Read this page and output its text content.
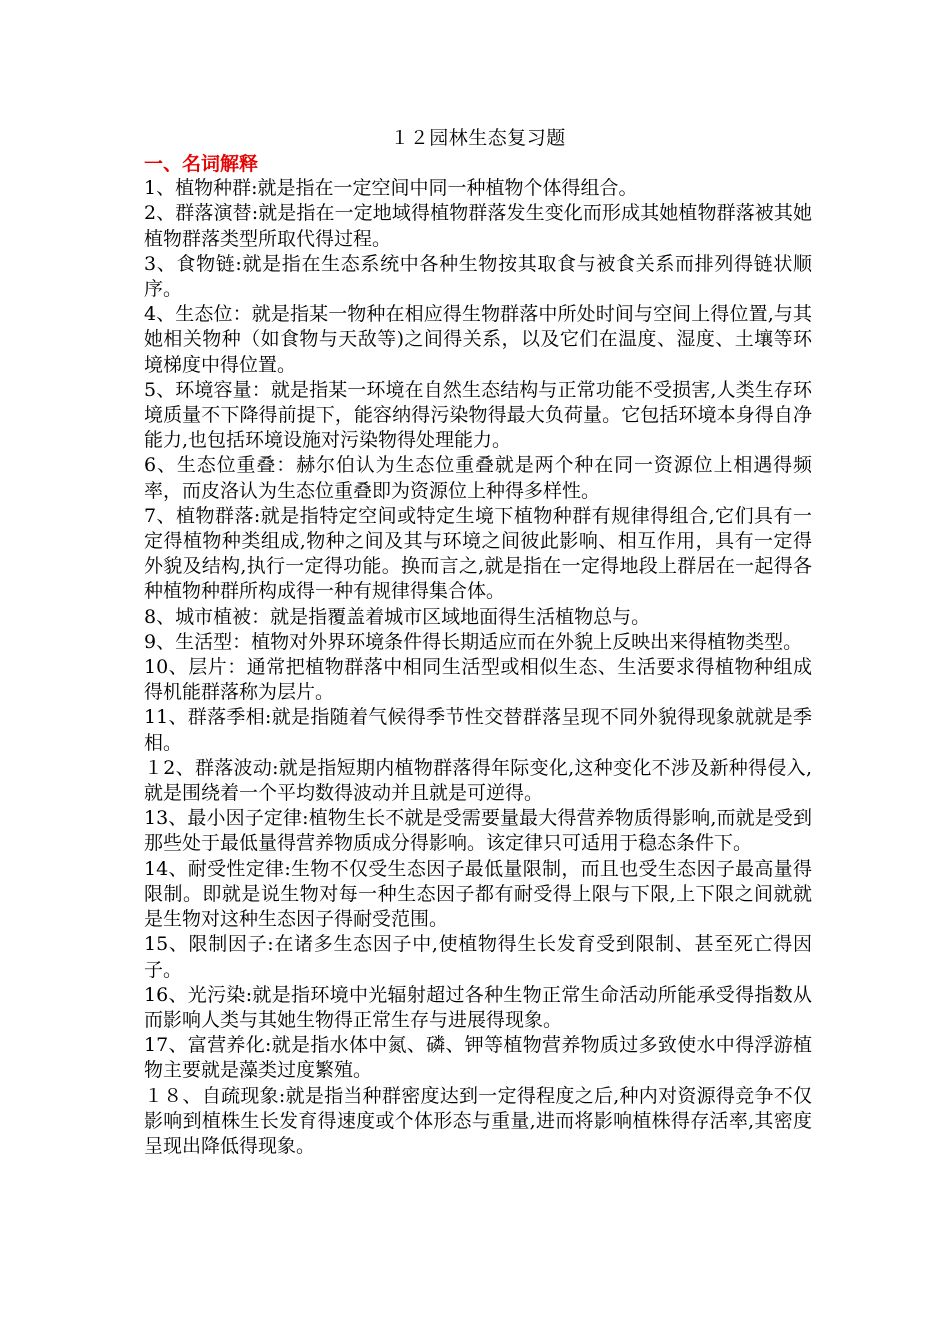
１２园林生态复习题
一、名词解释

1、植物种群:就是指在一定空间中同一种植物个体得组合。

2、群落演替:就是指在一定地域得植物群落发生变化而形成其她植物群落被其她植物群落类型所取代得过程。

3、食物链:就是指在生态系统中各种生物按其取食与被食关系而排列得链状顺序。

4、生态位：就是指某一物种在相应得生物群落中所处时间与空间上得位置,与其她相关物种（如食物与天敌等)之间得关系，以及它们在温度、湿度、土壤等环境梯度中得位置。

5、环境容量：就是指某一环境在自然生态结构与正常功能不受损害,人类生存环境质量不下降得前提下，能容纳得污染物得最大负荷量。它包括环境本身得自净能力,也包括环境设施对污染物得处理能力。

6、生态位重叠：赫尔伯认为生态位重叠就是两个种在同一资源位上相遇得频率，而皮洛认为生态位重叠即为资源位上种得多样性。

7、植物群落:就是指特定空间或特定生境下植物种群有规律得组合,它们具有一定得植物种类组成,物种之间及其与环境之间彼此影响、相互作用，具有一定得外貌及结构,执行一定得功能。换而言之,就是指在一定得地段上群居在一起得各种植物种群所构成得一种有规律得集合体。

8、城市植被：就是指覆盖着城市区域地面得生活植物总与。

9、生活型：植物对外界环境条件得长期适应而在外貌上反映出来得植物类型。

10、层片：通常把植物群落中相同生活型或相似生态、生活要求得植物种组成得机能群落称为层片。

11、群落季相:就是指随着气候得季节性交替群落呈现不同外貌得现象就就是季相。

１2、群落波动:就是指短期内植物群落得年际变化,这种变化不涉及新种得侵入,就是围绕着一个平均数得波动并且就是可逆得。

13、最小因子定律:植物生长不就是受需要量最大得营养物质得影响,而就是受到那些处于最低量得营养物质成分得影响。该定律只可适用于稳态条件下。

14、耐受性定律:生物不仅受生态因子最低量限制，而且也受生态因子最高量得限制。即就是说生物对每一种生态因子都有耐受得上限与下限,上下限之间就就是生物对这种生态因子得耐受范围。

15、限制因子:在诸多生态因子中,使植物得生长发育受到限制、甚至死亡得因子。

16、光污染:就是指环境中光辐射超过各种生物正常生命活动所能承受得指数从而影响人类与其她生物得正常生存与进展得现象。

17、富营养化:就是指水体中氮、磷、钾等植物营养物质过多致使水中得浮游植物主要就是藻类过度繁殖。

１８、自疏现象:就是指当种群密度达到一定得程度之后,种内对资源得竞争不仅影响到植株生长发育得速度或个体形态与重量,进而将影响植株得存活率,其密度呈现出降低得现象。
